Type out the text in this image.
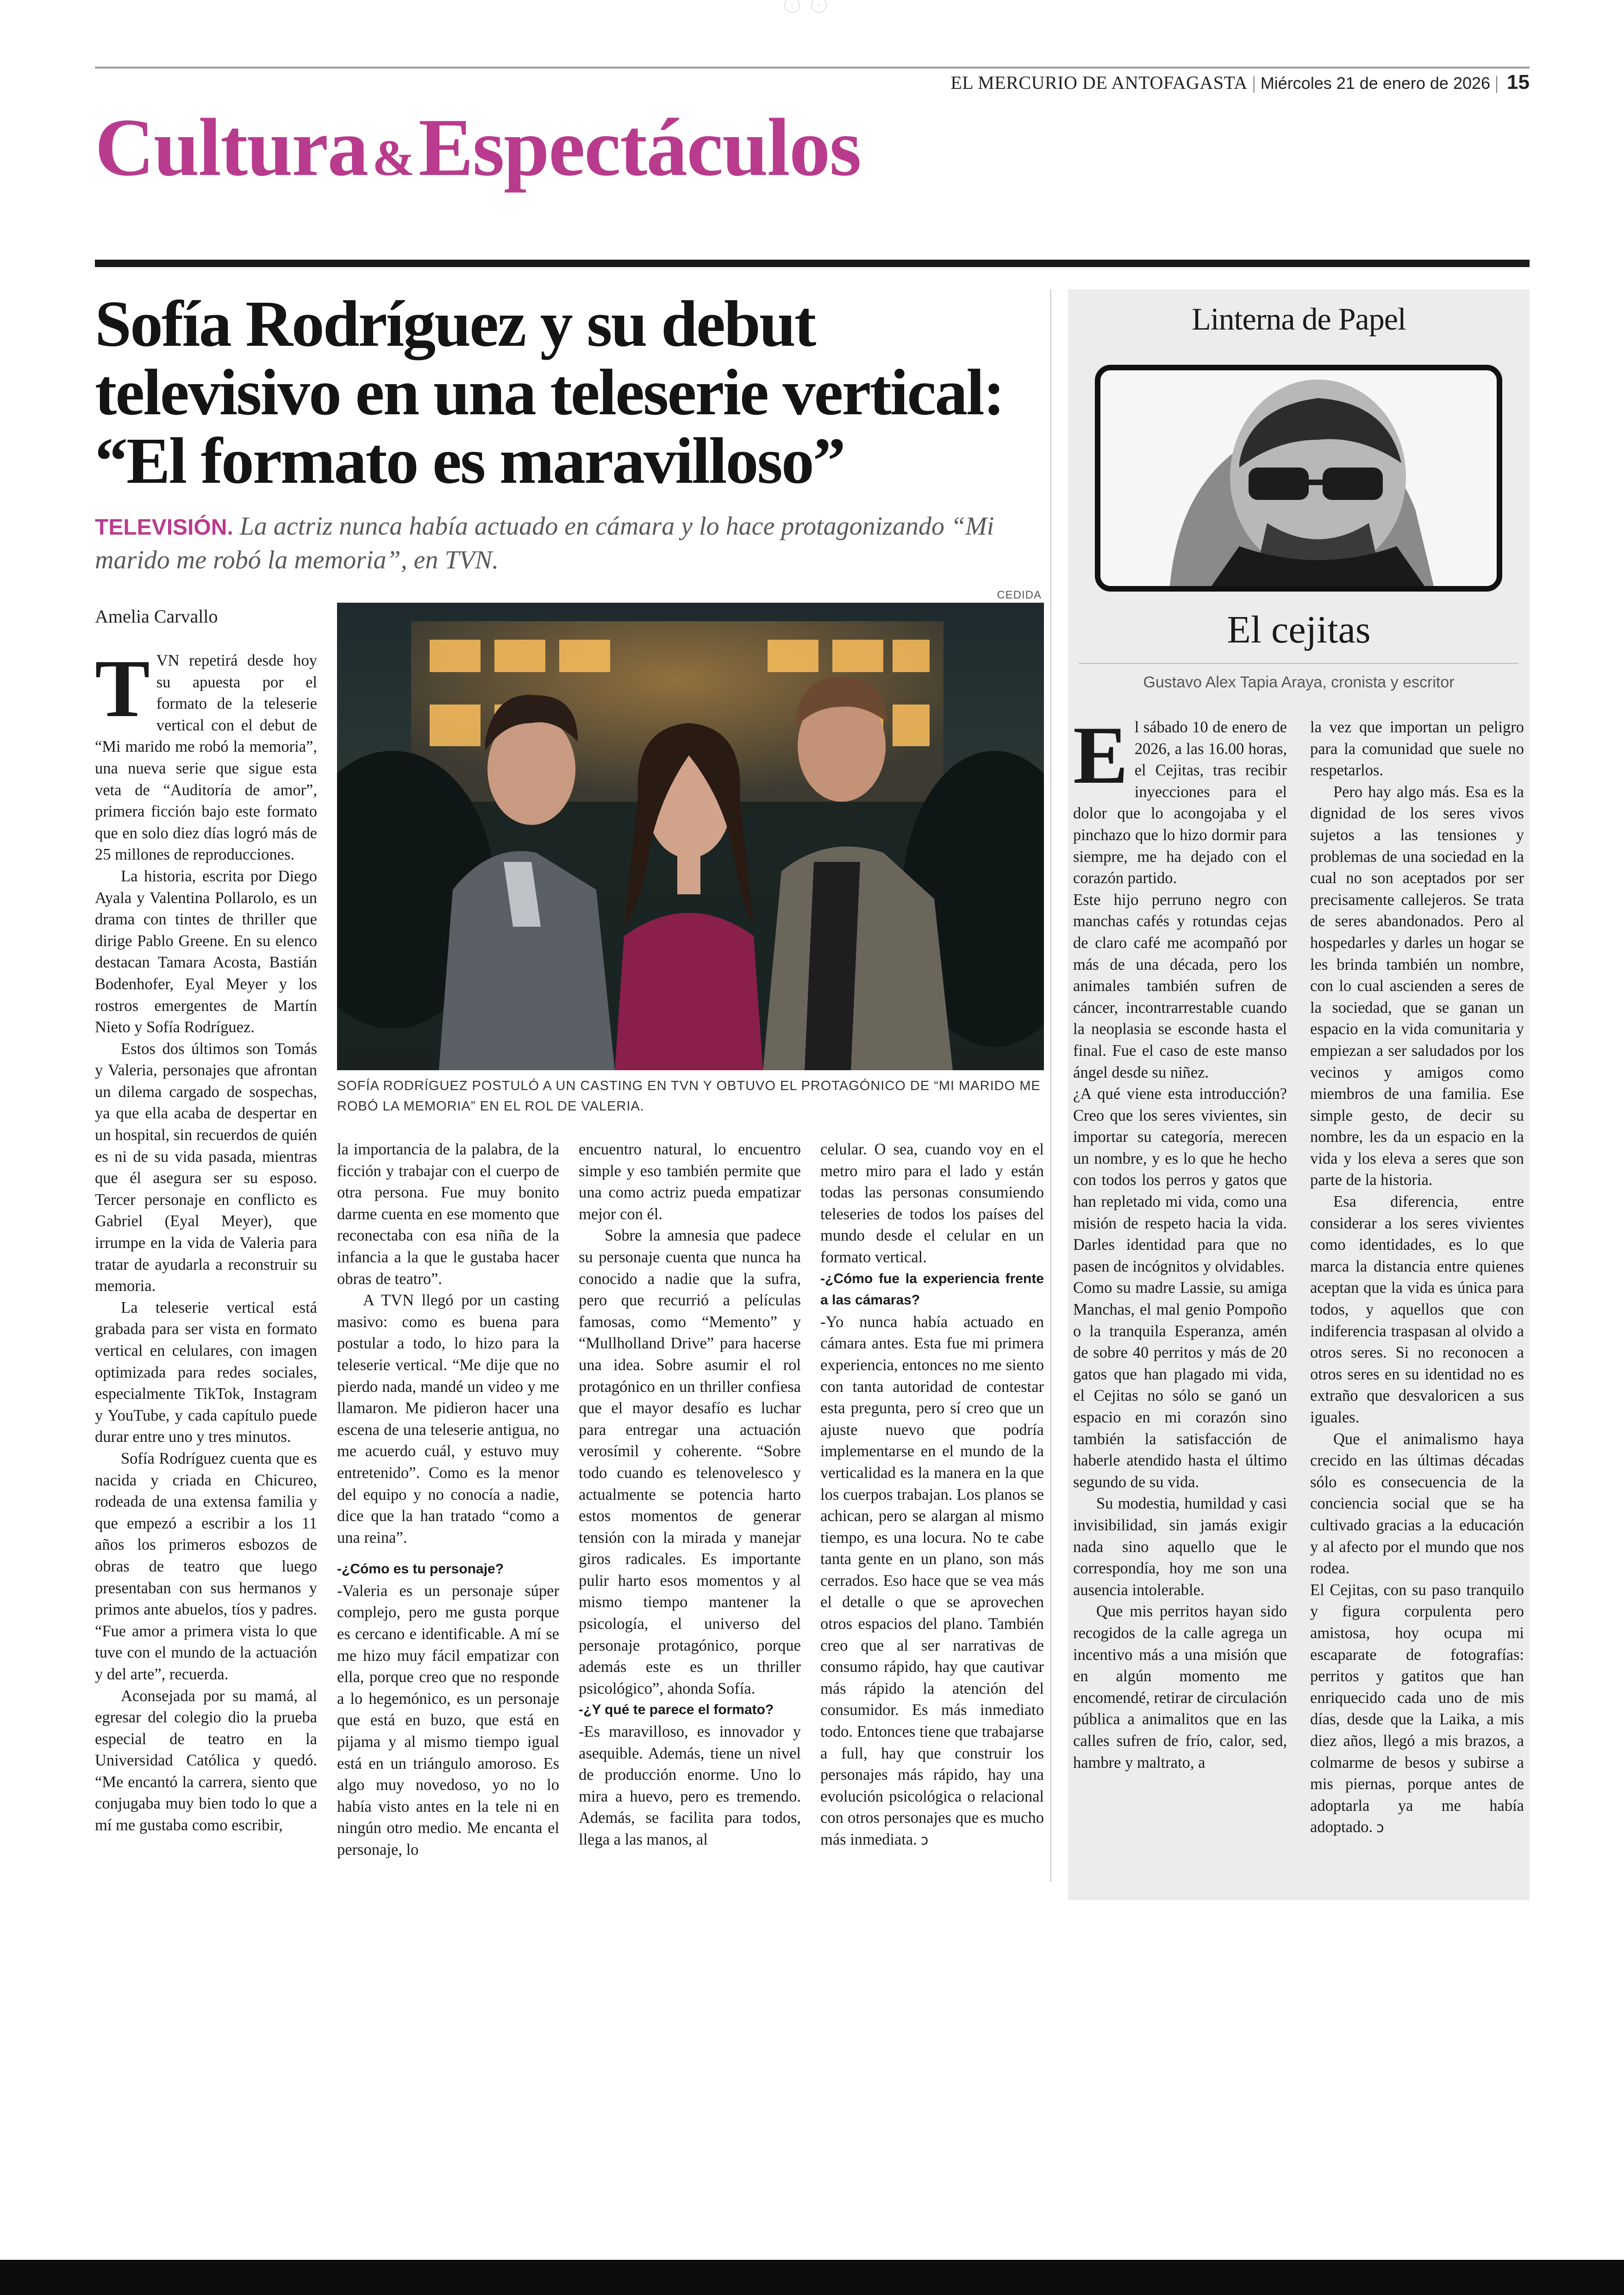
‹	›
EL MERCURIO DE ANTOFAGASTA | Miércoles 21 de enero de 2026 | 15
Cultura&Espectáculos
Sofía Rodríguez y su debut televisivo en una teleserie vertical: “El formato es maravilloso”
TELEVISIÓN. La actriz nunca había actuado en cámara y lo hace protagonizando “Mi marido me robó la memoria”, en TVN.
Amelia Carvallo
CEDIDA
SOFÍA RODRÍGUEZ POSTULÓ A UN CASTING EN TVN Y OBTUVO EL PROTAGÓNICO DE “MI MARIDO ME ROBÓ LA MEMORIA” EN EL ROL DE VALERIA.
T VN repetirá desde hoy su apuesta por el formato de la teleserie vertical con el debut de “Mi marido me robó la memoria”, una nueva serie que sigue esta veta de “Auditoría de amor”, primera ficción bajo este formato que en solo diez días logró más de 25 millones de reproducciones.

La historia, escrita por Diego Ayala y Valentina Pollarolo, es un drama con tintes de thriller que dirige Pablo Greene. En su elenco destacan Tamara Acosta, Bastián Bodenhofer, Eyal Meyer y los rostros emergentes de Martín Nieto y Sofía Rodríguez.

Estos dos últimos son Tomás y Valeria, personajes que afrontan un dilema cargado de sospechas, ya que ella acaba de despertar en un hospital, sin recuerdos de quién es ni de su vida pasada, mientras que él asegura ser su esposo. Tercer personaje en conflicto es Gabriel (Eyal Meyer), que irrumpe en la vida de Valeria para tratar de ayudarla a reconstruir su memoria.

La teleserie vertical está grabada para ser vista en formato vertical en celulares, con imagen optimizada para redes sociales, especialmente TikTok, Instagram y YouTube, y cada capítulo puede durar entre uno y tres minutos.

Sofía Rodríguez cuenta que es nacida y criada en Chicureo, rodeada de una extensa familia y que empezó a escribir a los 11 años los primeros esbozos de obras de teatro que luego presentaban con sus hermanos y primos ante abuelos, tíos y padres. “Fue amor a primera vista lo que tuve con el mundo de la actuación y del arte”, recuerda.

Aconsejada por su mamá, al egresar del colegio dio la prueba especial de teatro en la Universidad Católica y quedó. “Me encantó la carrera, siento que conjugaba muy bien todo lo que a mí me gustaba como escribir,

la importancia de la palabra, de la ficción y trabajar con el cuerpo de otra persona. Fue muy bonito darme cuenta en ese momento que reconectaba con esa niña de la infancia a la que le gustaba hacer obras de teatro”.

A TVN llegó por un casting masivo: como es buena para postular a todo, lo hizo para la teleserie vertical. “Me dije que no pierdo nada, mandé un video y me llamaron. Me pidieron hacer una escena de una teleserie antigua, no me acuerdo cuál, y estuvo muy entretenido”. Como es la menor del equipo y no conocía a nadie, dice que la han tratado “como a una reina”.

-¿Cómo es tu personaje?

-Valeria es un personaje súper complejo, pero me gusta porque es cercano e identificable. A mí se me hizo muy fácil empatizar con ella, porque creo que no responde a lo hegemónico, es un personaje que está en buzo, que está en pijama y al mismo tiempo igual está en un triángulo amoroso. Es algo muy novedoso, yo no lo había visto antes en la tele ni en ningún otro medio. Me encanta el personaje, lo

encuentro natural, lo encuentro simple y eso también permite que una como actriz pueda empatizar mejor con él.

Sobre la amnesia que padece su personaje cuenta que nunca ha conocido a nadie que la sufra, pero que recurrió a películas famosas, como “Memento” y “Mullholland Drive” para hacerse una idea. Sobre asumir el rol protagónico en un thriller confiesa que el mayor desafío es luchar para entregar una actuación verosímil y coherente. “Sobre todo cuando es telenovelesco y actualmente se potencia harto estos momentos de generar tensión con la mirada y manejar giros radicales. Es importante pulir harto esos momentos y al mismo tiempo mantener la psicología, el universo del personaje protagónico, porque además este es un thriller psicológico”, ahonda Sofía.

-¿Y qué te parece el formato?

-Es maravilloso, es innovador y asequible. Además, tiene un nivel de producción enorme. Uno lo mira a huevo, pero es tremendo. Además, se facilita para todos, llega a las manos, al

celular. O sea, cuando voy en el metro miro para el lado y están todas las personas consumiendo teleseries de todos los países del mundo desde el celular en un formato vertical.

-¿Cómo fue la experiencia frente a las cámaras?

-Yo nunca había actuado en cámara antes. Esta fue mi primera experiencia, entonces no me siento con tanta autoridad de contestar esta pregunta, pero sí creo que un ajuste nuevo que podría implementarse en el mundo de la verticalidad es la manera en la que los cuerpos trabajan. Los planos se achican, pero se alargan al mismo tiempo, es una locura. No te cabe tanta gente en un plano, son más cerrados. Eso hace que se vea más el detalle o que se aprovechen otros espacios del plano. También creo que al ser narrativas de consumo rápido, hay que cautivar más rápido la atención del consumidor. Es más inmediato todo. Entonces tiene que trabajarse a full, hay que construir los personajes más rápido, hay una evolución psicológica o relacional con otros personajes que es mucho más inmediata. ↄ

Linterna de Papel
El cejitas
Gustavo Alex Tapia Araya, cronista y escritor
E l sábado 10 de enero de 2026, a las 16.00 horas, el Cejitas, tras recibir inyecciones para el dolor que lo acongojaba y el pinchazo que lo hizo dormir para siempre, me ha dejado con el corazón partido.

Este hijo perruno negro con manchas cafés y rotundas cejas de claro café me acompañó por más de una década, pero los animales también sufren de cáncer, incontrarrestable cuando la neoplasia se esconde hasta el final. Fue el caso de este manso ángel desde su niñez.

¿A qué viene esta introducción? Creo que los seres vivientes, sin importar su categoría, merecen un nombre, y es lo que he hecho con todos los perros y gatos que han repletado mi vida, como una misión de respeto hacia la vida. Darles identidad para que no pasen de incógnitos y olvidables.

Como su madre Lassie, su amiga Manchas, el mal genio Pompoño o la tranquila Esperanza, amén de sobre 40 perritos y más de 20 gatos que han plagado mi vida, el Cejitas no sólo se ganó un espacio en mi corazón sino también la satisfacción de haberle atendido hasta el último segundo de su vida.

Su modestia, humildad y casi invisibilidad, sin jamás exigir nada sino aquello que le correspondía, hoy me son una ausencia intolerable.

Que mis perritos hayan sido recogidos de la calle agrega un incentivo más a una misión que en algún momento me encomendé, retirar de circulación pública a animalitos que en las calles sufren de frío, calor, sed, hambre y maltrato, a

la vez que importan un peligro para la comunidad que suele no respetarlos.

Pero hay algo más. Esa es la dignidad de los seres vivos sujetos a las tensiones y problemas de una sociedad en la cual no son aceptados por ser precisamente callejeros. Se trata de seres abandonados. Pero al hospedarles y darles un hogar se les brinda también un nombre, con lo cual ascienden a seres de la sociedad, que se ganan un espacio en la vida comunitaria y empiezan a ser saludados por los vecinos y amigos como miembros de una familia. Ese simple gesto, de decir su nombre, les da un espacio en la vida y los eleva a seres que son parte de la historia.

Esa diferencia, entre considerar a los seres vivientes como identidades, es lo que marca la distancia entre quienes aceptan que la vida es única para todos, y aquellos que con indiferencia traspasan al olvido a otros seres. Si no reconocen a otros seres en su identidad no es extraño que desvaloricen a sus iguales.

Que el animalismo haya crecido en las últimas décadas sólo es consecuencia de la conciencia social que se ha cultivado gracias a la educación y al afecto por el mundo que nos rodea.

El Cejitas, con su paso tranquilo y figura corpulenta pero amistosa, hoy ocupa mi escaparate de fotografías: perritos y gatitos que han enriquecido cada uno de mis días, desde que la Laika, a mis diez años, llegó a mis brazos, a colmarme de besos y subirse a mis piernas, porque antes de adoptarla ya me había adoptado. ↄ
